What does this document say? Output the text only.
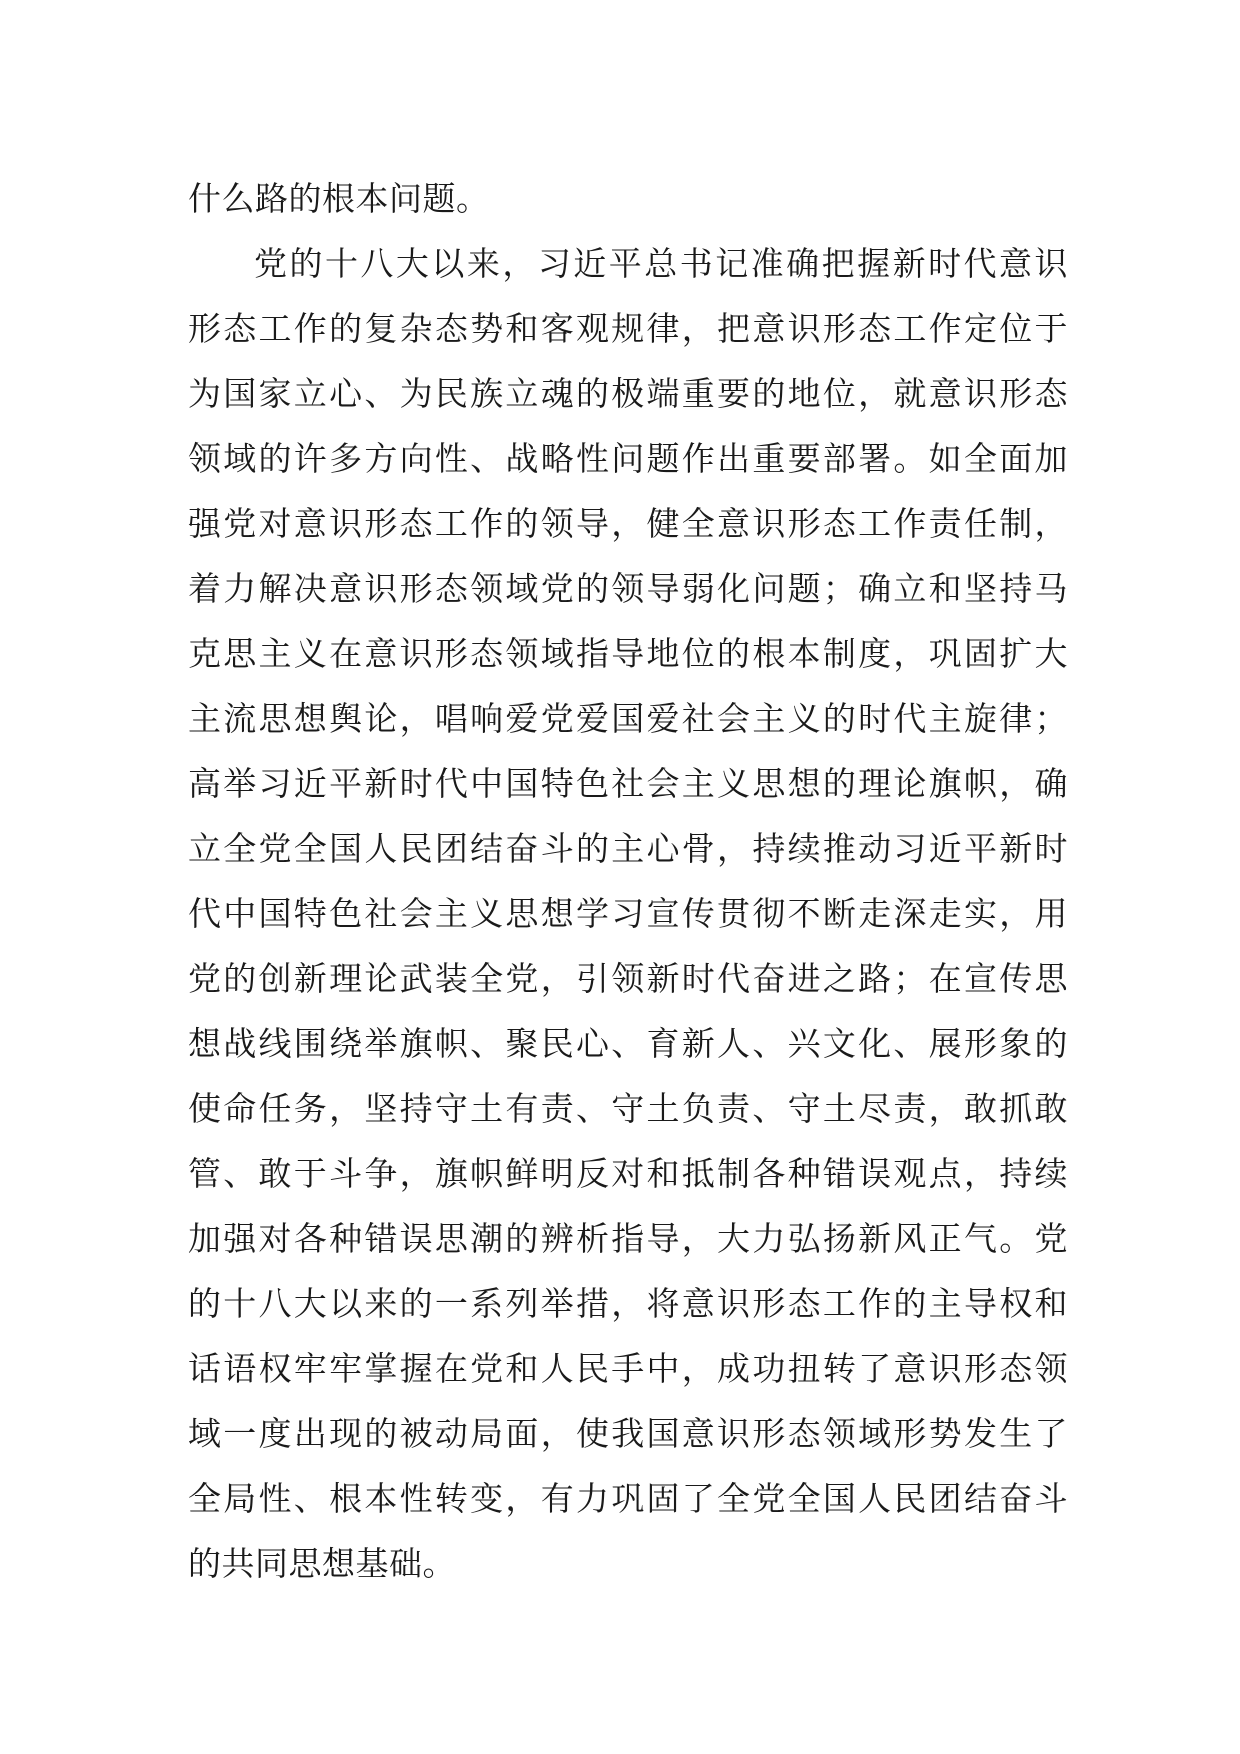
什么路的根本问题。
党的十八大以来，习近平总书记准确把握新时代意识
形态工作的复杂态势和客观规律，把意识形态工作定位于
为国家立心、为民族立魂的极端重要的地位，就意识形态
领域的许多方向性、战略性问题作出重要部署。如全面加
强党对意识形态工作的领导，健全意识形态工作责任制，
着力解决意识形态领域党的领导弱化问题；确立和坚持马
克思主义在意识形态领域指导地位的根本制度，巩固扩大
主流思想舆论，唱响爱党爱国爱社会主义的时代主旋律；
高举习近平新时代中国特色社会主义思想的理论旗帜，确
立全党全国人民团结奋斗的主心骨，持续推动习近平新时
代中国特色社会主义思想学习宣传贯彻不断走深走实，用
党的创新理论武装全党，引领新时代奋进之路；在宣传思
想战线围绕举旗帜、聚民心、育新人、兴文化、展形象的
使命任务，坚持守土有责、守土负责、守土尽责，敢抓敢
管、敢于斗争，旗帜鲜明反对和抵制各种错误观点，持续
加强对各种错误思潮的辨析指导，大力弘扬新风正气。党
的十八大以来的一系列举措，将意识形态工作的主导权和
话语权牢牢掌握在党和人民手中，成功扭转了意识形态领
域一度出现的被动局面，使我国意识形态领域形势发生了
全局性、根本性转变，有力巩固了全党全国人民团结奋斗
的共同思想基础。
